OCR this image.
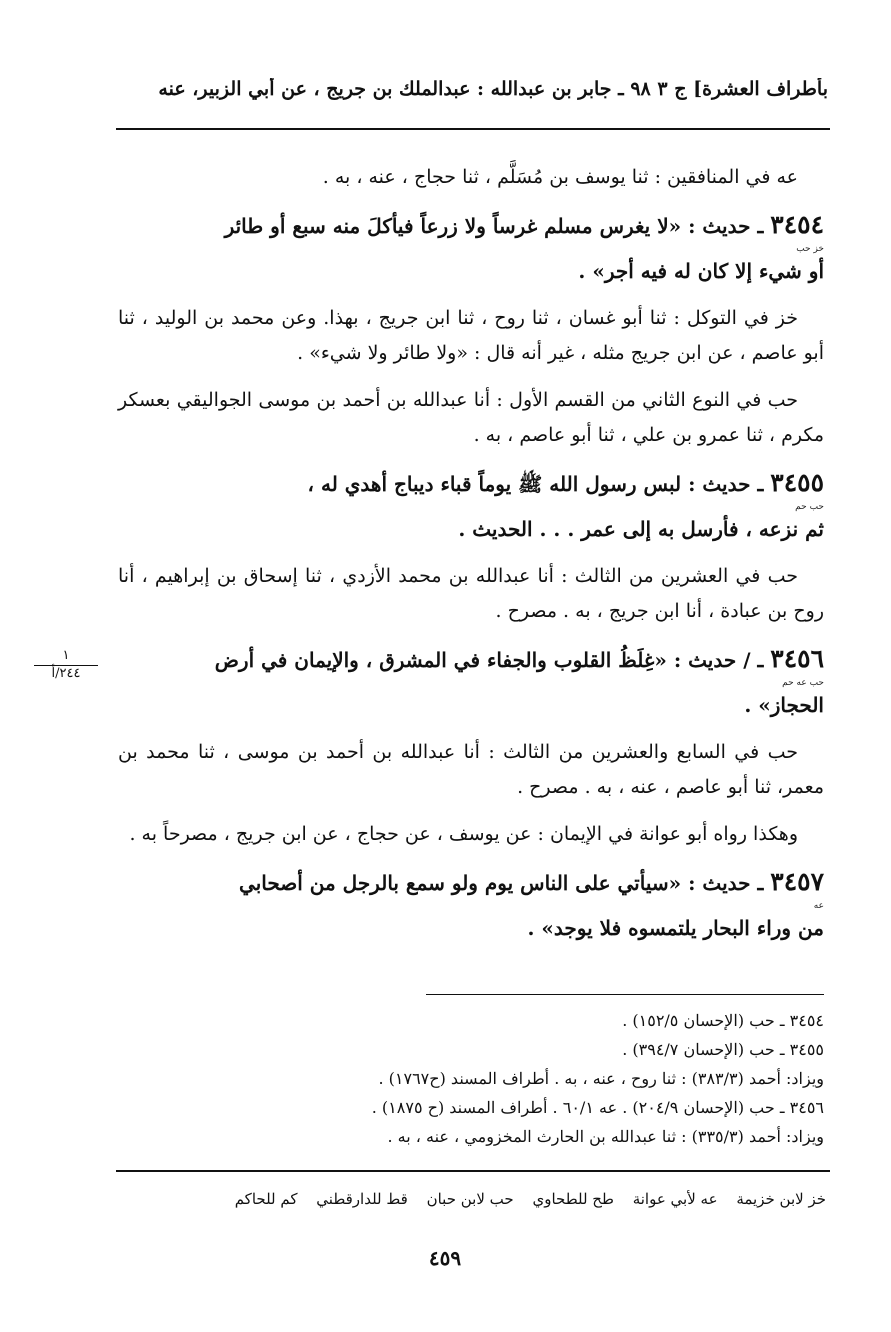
بأطراف العشرة] ج ٣ ٩٨ ـ جابر بن عبدالله : عبدالملك بن جريج ، عن أبي الزبير، عنه

عه في المنافقين : ثنا يوسف بن مُسَلَّم ، ثنا حجاج ، عنه ، به .

٣٤٥٤ ـ حديث : «لا يغرس مسلم غرساً ولا زرعاً فيأكلَ منه سبع أو طائر
خز حب
أو شيء إلا كان له فيه أجر» .

خز في التوكل : ثنا أبو غسان ، ثنا روح ، ثنا ابن جريج ، بهذا. وعن محمد بن الوليد ، ثنا أبو عاصم ، عن ابن جريج مثله ، غير أنه قال : «ولا طائر ولا شيء» .

حب في النوع الثاني من القسم الأول : أنا عبدالله بن أحمد بن موسى الجواليقي بعسكر مكرم ، ثنا عمرو بن علي ، ثنا أبو عاصم ، به .

٣٤٥٥ ـ حديث : لبس رسول الله ﷺ يوماً قباء ديباج أهدي له ،
حب حم
ثم نزعه ، فأرسل به إلى عمر . . . الحديث .

حب في العشرين من الثالث : أنا عبدالله بن محمد الأزدي ، ثنا إسحاق بن إبراهيم ، أنا روح بن عبادة ، أنا ابن جريج ، به . مصرح .

٣٤٥٦ ـ / حديث : «غِلَظُ القلوب والجفاء في المشرق ، والإيمان في أرض
حب عه حم
الحجاز» .

حب في السابع والعشرين من الثالث : أنا عبدالله بن أحمد بن موسى ، ثنا محمد بن معمر، ثنا أبو عاصم ، عنه ، به . مصرح .

وهكذا رواه أبو عوانة في الإيمان : عن يوسف ، عن حجاج ، عن ابن جريج ، مصرحاً به .

٣٤٥٧ ـ حديث : «سيأتي على الناس يوم ولو سمع بالرجل من أصحابي
عه
من وراء البحار يلتمسوه فلا يوجد» .

١
٢٤٤/أ
٣٤٥٤ ـ حب (الإحسان ١٥٢/٥) .
٣٤٥٥ ـ حب (الإحسان ٣٩٤/٧) .
ويزاد: أحمد (٣٨٣/٣) : ثنا روح ، عنه ، به . أطراف المسند (ح١٧٦٧) .
٣٤٥٦ ـ حب (الإحسان ٢٠٤/٩) . عه ٦٠/١ . أطراف المسند (ح ١٨٧٥) .
ويزاد: أحمد (٣٣٥/٣) : ثنا عبدالله بن الحارث المخزومي ، عنه ، به .
خز لابن خزيمة عه لأبي عوانة طح للطحاوي حب لابن حبان قط للدارقطني كم للحاكم
٤٥٩
